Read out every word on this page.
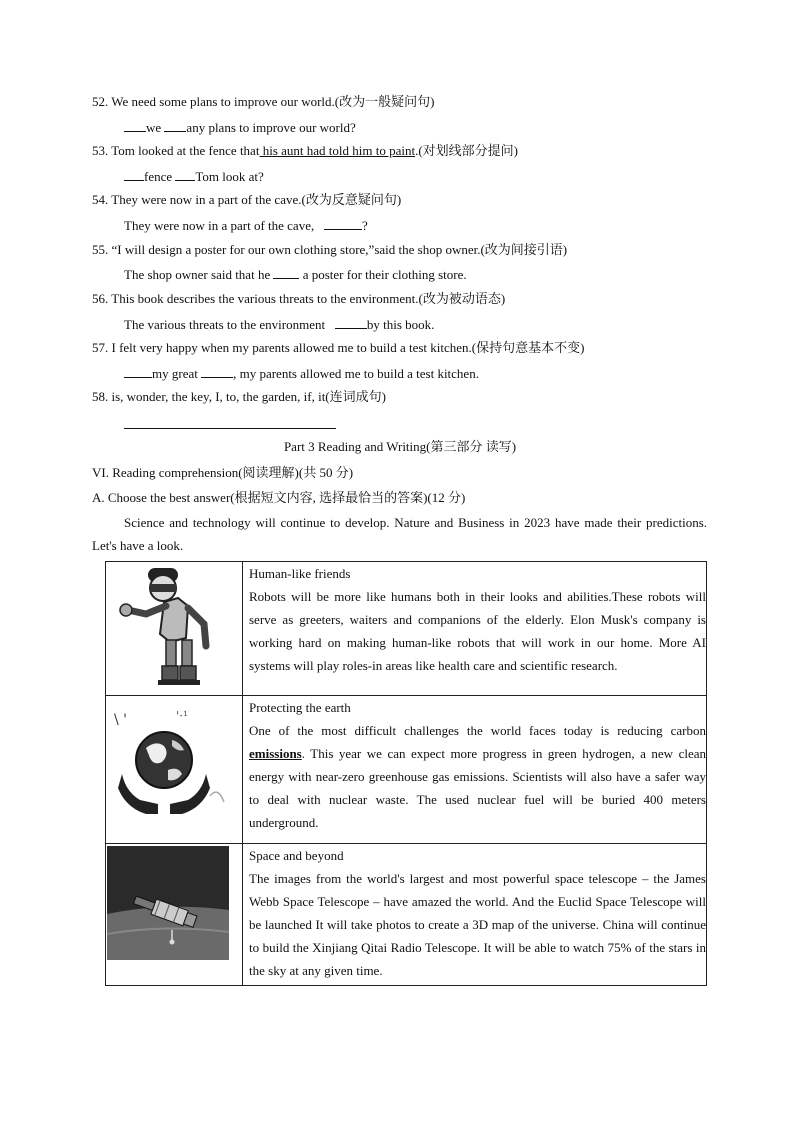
52. We need some plans to improve our world.(改为一般疑问句)
we any plans to improve our world?
53. Tom looked at the fence that his aunt had told him to paint.(对划线部分提问)
fence Tom look at?
54. They were now in a part of the cave.(改为反意疑问句)
They were now in a part of the cave,	?
55. “I will design a poster for our own clothing store,”said the shop owner.(改为间接引语)
The shop owner said that he	a poster for their clothing store.
56. This book describes the various threats to the environment.(改为被动语态)
The various threats to the environment	by this book.
57. I felt very happy when my parents allowed me to build a test kitchen.(保持句意基本不变)
my great	, my parents allowed me to build a test kitchen.
58. is, wonder, the key, I, to, the garden, if, it(连词成句)
Part 3 Reading and Writing(第三部分 读写)
VI. Reading comprehension(阅读理解)(共 50 分)
A. Choose the best answer(根据短文内容, 选择最恰当的答案)(12 分)
Science and technology will continue to develop. Nature and Business in 2023 have made their predictions. Let's have a look.

Human-like friends
Robots will be more like humans both in their looks and abilities.These robots will serve as greeters, waiters and companions of the elderly. Elon Musk's company is working hard on making human-like robots that will work in our home. More AI systems will play roles-in areas like health care and scientific research.

\ ' '·¹	Protecting the earth
One of the most difficult challenges the world faces today is reducing carbon emissions. This year we can expect more progress in green hydrogen, a new clean energy with near-zero greenhouse gas emissions. Scientists will also have a safer way to deal with nuclear waste. The used nuclear fuel will be buried 400 meters underground.

Space and beyond
The images from the world's largest and most powerful space telescope – the James Webb Space Telescope – have amazed the world. And the Euclid Space Telescope will be launched It will take photos to create a 3D map of the universe. China will continue to build the Xinjiang Qitai Radio Telescope. It will be able to watch 75% of the stars in the sky at any given time.
